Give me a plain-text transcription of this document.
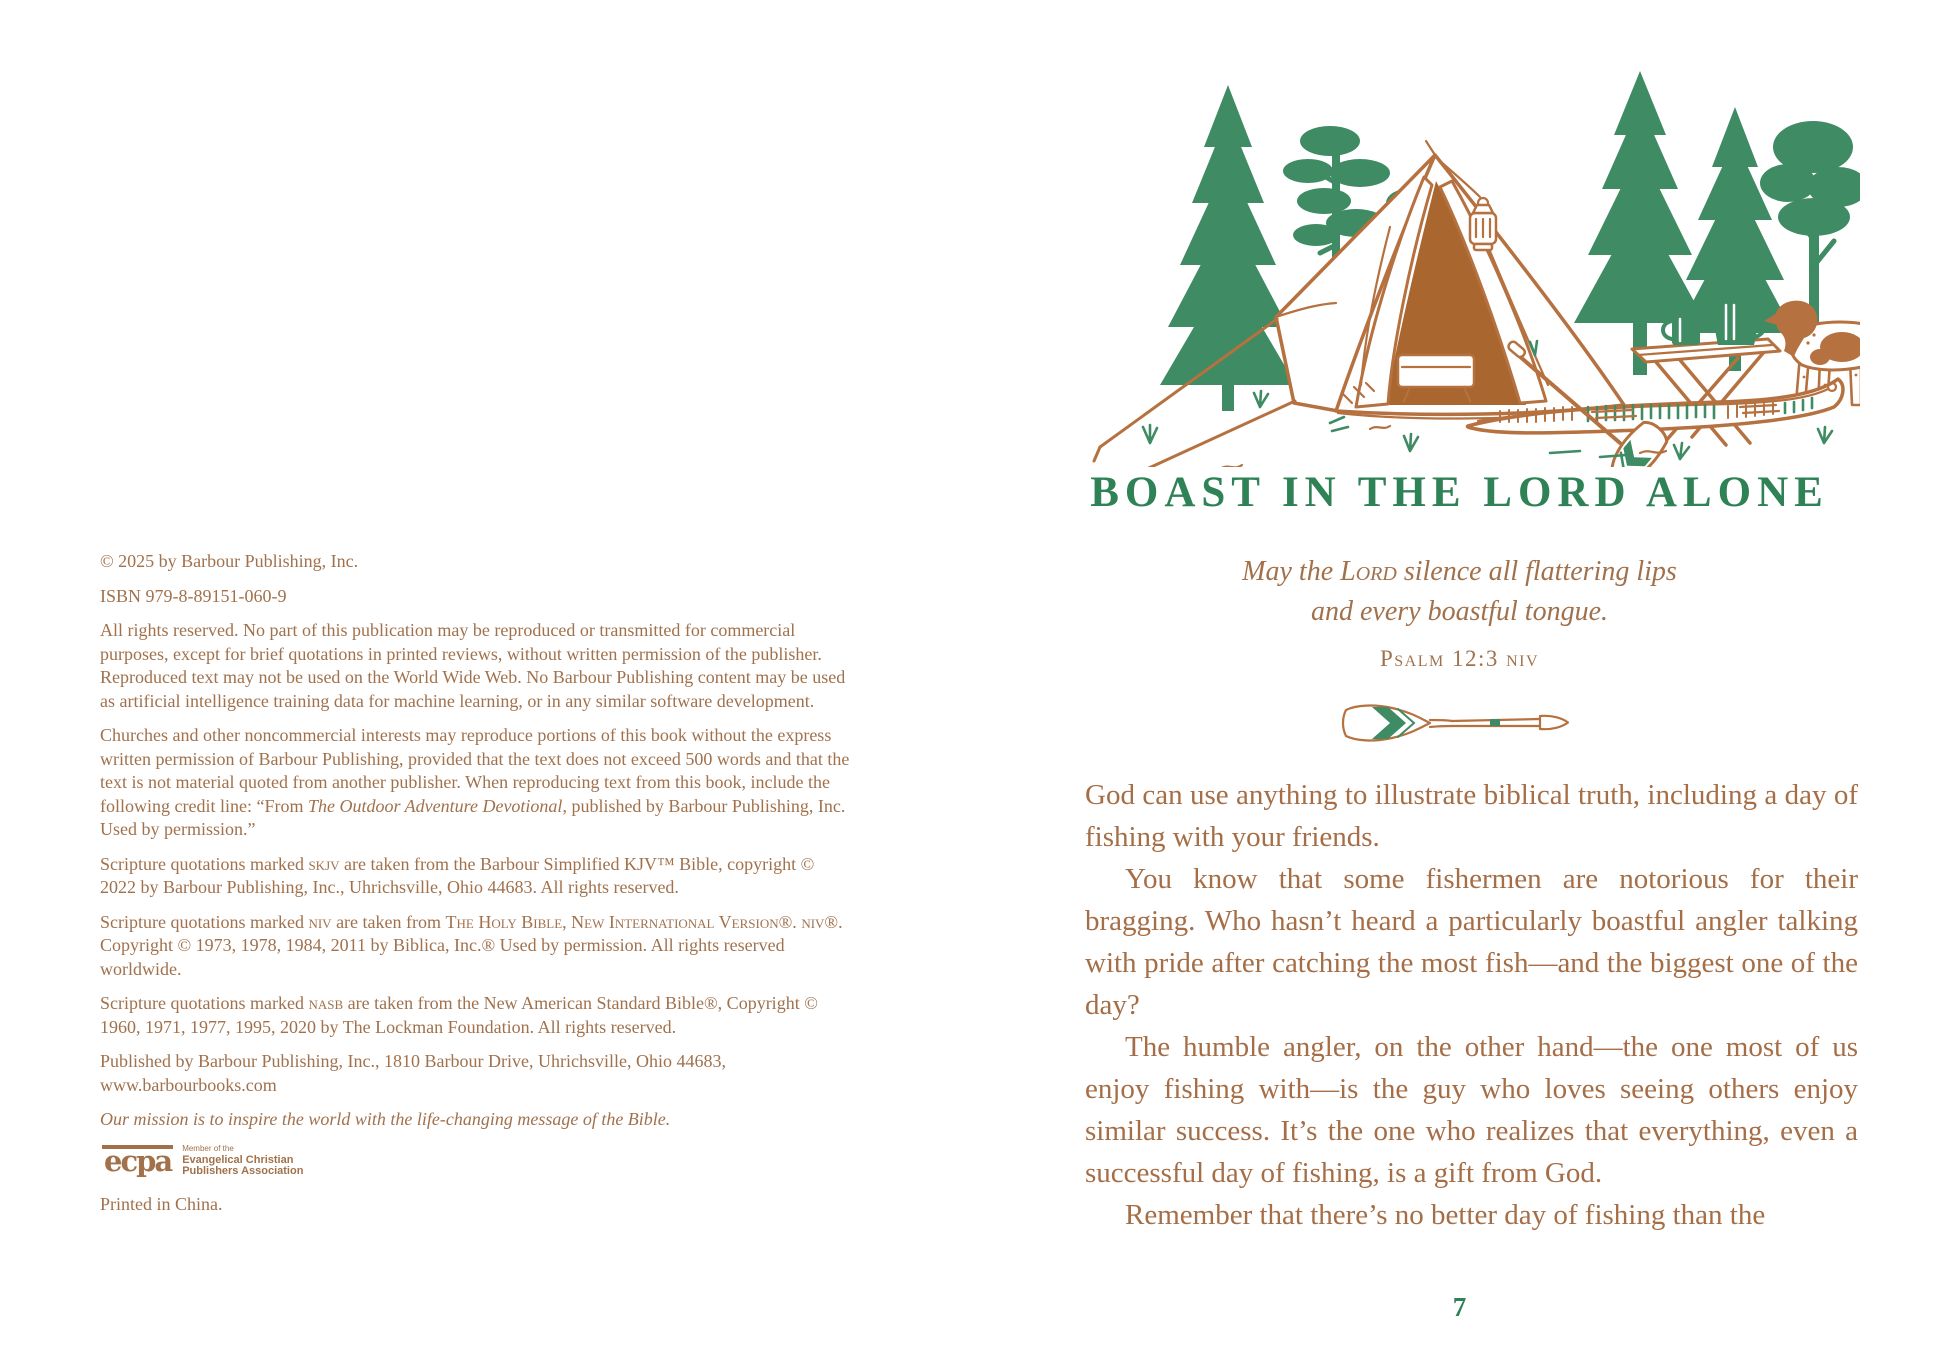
© 2025 by Barbour Publishing, Inc.

ISBN 979-8-89151-060-9

All rights reserved. No part of this publication may be reproduced or transmitted for commercial purposes, except for brief quotations in printed reviews, without written permission of the publisher. Reproduced text may not be used on the World Wide Web. No Barbour Publishing content may be used as artificial intelligence training data for machine learning, or in any similar software development.

Churches and other noncommercial interests may reproduce portions of this book without the express written permission of Barbour Publishing, provided that the text does not exceed 500 words and that the text is not material quoted from another publisher. When reproducing text from this book, include the following credit line: “From The Outdoor Adventure Devotional, published by Barbour Publishing, Inc. Used by permission.”

Scripture quotations marked skjv are taken from the Barbour Simplified KJV™ Bible, copyright © 2022 by Barbour Publishing, Inc., Uhrichsville, Ohio 44683. All rights reserved.

Scripture quotations marked niv are taken from The Holy Bible, New International Version®. niv®. Copyright © 1973, 1978, 1984, 2011 by Biblica, Inc.® Used by permission. All rights reserved worldwide.

Scripture quotations marked nasb are taken from the New American Standard Bible®, Copyright © 1960, 1971, 1977, 1995, 2020 by The Lockman Foundation. All rights reserved.

Published by Barbour Publishing, Inc., 1810 Barbour Drive, Uhrichsville, Ohio 44683, www.barbourbooks.com

Our mission is to inspire the world with the life-changing message of the Bible.

ecpa Member of the
Evangelical Christian
Publishers Association

Printed in China.

BOAST IN THE LORD ALONE

May the Lord silence all flattering lips

and every boastful tongue.

Psalm 12:3 niv

God can use anything to illustrate biblical truth, including a day of fishing with your friends.

You know that some fishermen are notorious for their bragging. Who hasn’t heard a particularly boastful angler talking with pride after catching the most fish—and the biggest one of the day?

The humble angler, on the other hand—the one most of us enjoy fishing with—is the guy who loves seeing others enjoy similar success. It’s the one who realizes that everything, even a successful day of fishing, is a gift from God.

Remember that there’s no better day of fishing than the

7
